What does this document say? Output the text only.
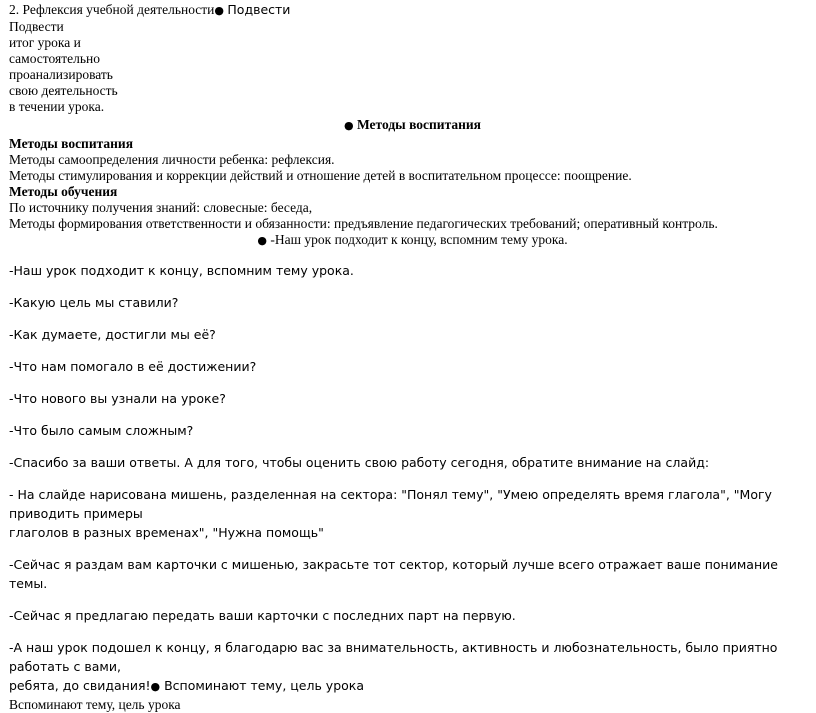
2. Рефлексия учебной деятельности● Подвести
Подвести
итог урока и
самостоятельно
проанализировать
свою деятельность
в течении урока.
● Методы воспитания
Методы воспитания
Методы самоопределения личности ребенка: рефлексия.
Методы стимулирования и коррекции действий и отношение детей в воспитательном процессе: поощрение.
Методы обучения
По источнику получения знаний: словесные: беседа,
Методы формирования ответственности и обязанности: предъявление педагогических требований; оперативный контроль.
● -Наш урок подходит к концу, вспомним тему урока.
-Наш урок подходит к концу, вспомним тему урока.
-Какую цель мы ставили?
-Как думаете, достигли мы её?
-Что нам помогало в её достижении?
-Что нового вы узнали на уроке?
-Что было самым сложным?
-Спасибо за ваши ответы. А для того, чтобы оценить свою работу сегодня, обратите внимание на слайд:
- На слайде нарисована мишень, разделенная на сектора: "Понял тему", "Умею определять время глагола", "Могу приводить примеры
глаголов в разных временах", "Нужна помощь"
-Сейчас я раздам вам карточки с мишенью, закрасьте тот сектор, который лучше всего отражает ваше понимание темы.
-Сейчас я предлагаю передать ваши карточки с последних парт на первую.
-А наш урок подошел к концу, я благодарю вас за внимательность, активность и любознательность, было приятно работать с вами,
ребята, до свидания!● Вспоминают тему, цель урока
Вспоминают тему, цель урока
